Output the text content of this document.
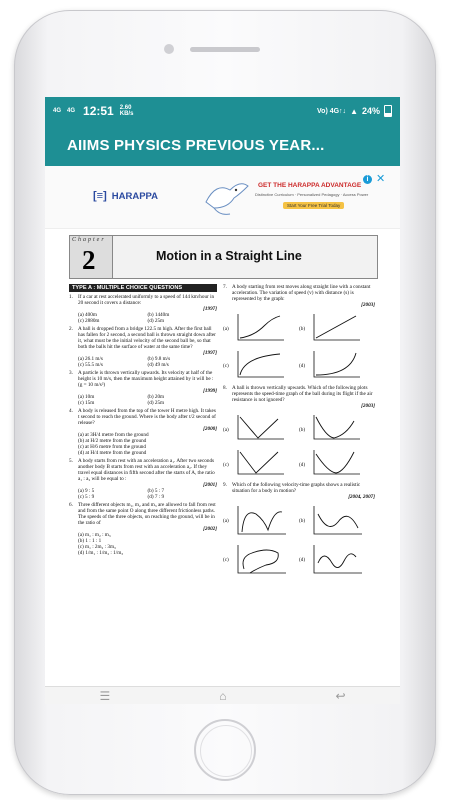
4G 4G 12:51 2.60
KB/s	Vo) 4G↑↓ ▲ 24%
AIIMS PHYSICS PREVIOUS YEAR...
[≡] HARAPPA
GET THE HARAPPA ADVANTAGE
Distinctive Curriculum · Personalized Pedagogy · Access Power
Start Your Free Trial Today
i ✕
Chapter
2	Motion in a Straight Line
TYPE A : MULTIPLE CHOICE QUESTIONS
1. If a car at rest accelerated uniformly to a speed of 144 km/hour in 20 second it covers a distance:
[1997]
(a) 400m	(b) 1440m
(c) 2880m	(d) 25m
2. A ball is dropped from a bridge 122.5 m high. After the first ball has fallen for 2 second, a second ball is thrown straight down after it, what must be the initial velocity of the second ball be, so that both the balls hit the surface of water at the same time?
[1997]
(a) 26.1 m/s	(b) 9.8 m/s
(c) 55.5 m/s	(d) 49 m/s
3. A particle is thrown vertically upwards. Its velocity at half of the height is 10 m/s, then the maximum height attained by it will be : (g = 10 m/s²)
[1999]
(a) 10m	(b) 20m
(c) 15m	(d) 25m
4. A body is released from the top of the tower H metre high. It takes t second to reach the ground. Where is the body after t/2 second of release?
[2000]
(a) at 3H/4 metre from the ground
(b) at H/2 metre from the ground
(c) at H/6 metre from the ground
(d) at H/4 metre from the ground
5. A body starts from rest with an acceleration a₁. After two seconds another body B starts from rest with an acceleration a₂. If they travel equal distances in fifth second after the starts of A, the ratio a₁ : a₂ will be equal to :
[2001]
(a) 9 : 5	(b) 5 : 7
(c) 5 : 9	(d) 7 : 9
6. Three different objects m₁, m₂ and m₃ are allowed to fall from rest and from the same point O along three different frictionless paths. The speeds of the three objects, on reaching the ground, will be in the ratio of
[2002]
(a) m₁ : m₂ : m₃
(b) 1 : 1 : 1
(c) m₁ : 2m₂ : 3m₃
(d) 1/m₁ : 1/m₂ : 1/m₃
7. A body starting from rest moves along straight line with a constant acceleration. The variation of speed (v) with distance (s) is represented by the graph:
[2003]
(a)	(b)
(c)	(d)
8. A ball is thrown vertically upwards. Which of the following plots represents the speed-time graph of the ball during its flight if the air resistance is not ignored?
[2003]
(a)	(b)
(c)	(d)
9. Which of the following velocity-time graphs shows a realistic situation for a body in motion?
[2004, 2007]
(a)	(b)
(c)	(d)
☰	⌂	↩
